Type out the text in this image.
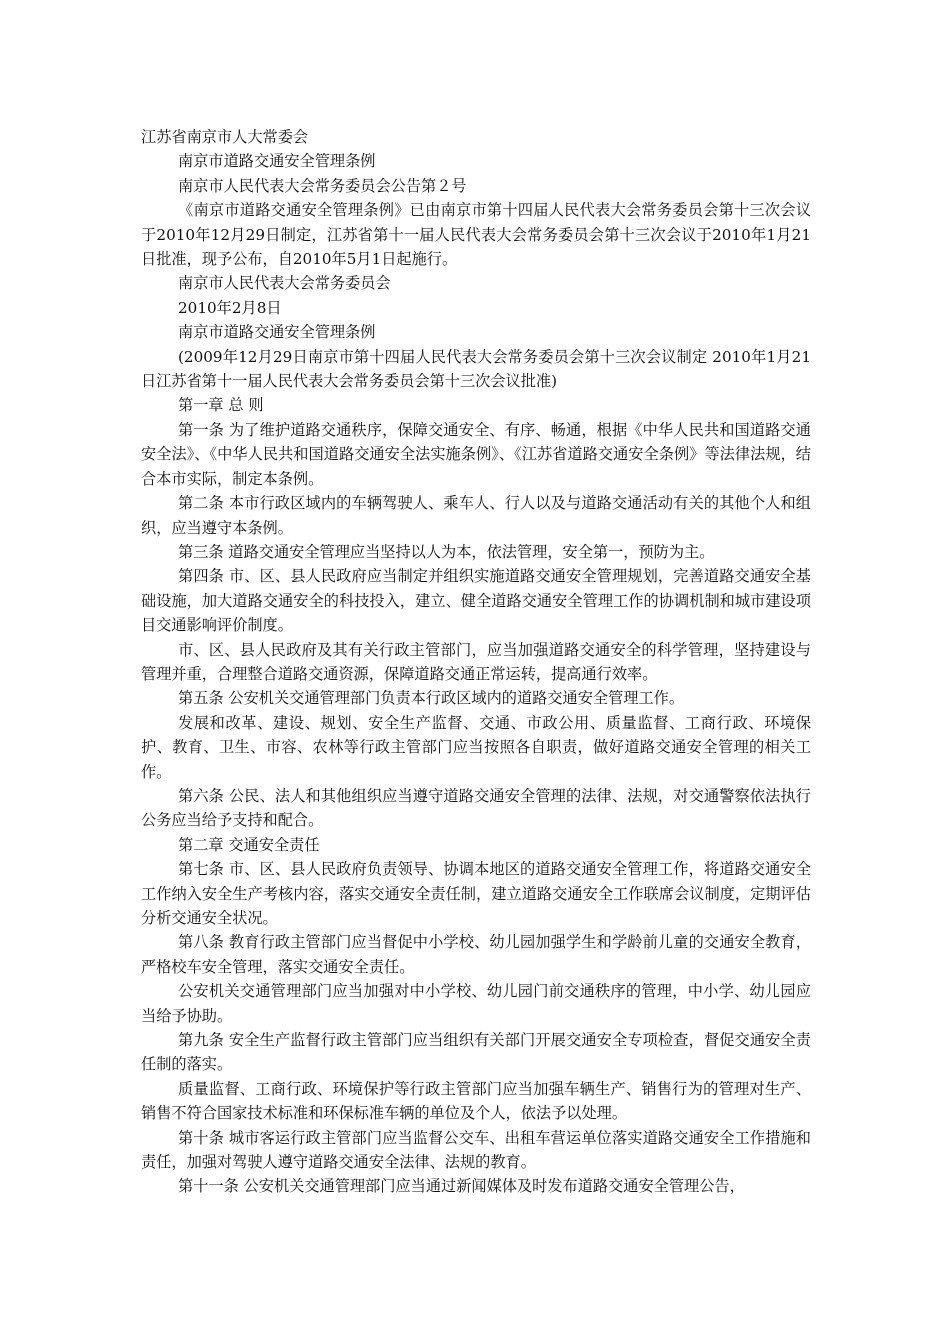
江苏省南京市人大常委会

南京市道路交通安全管理条例

南京市人民代表大会常务委员会公告第２号

《南京市道路交通安全管理条例》已由南京市第十四届人民代表大会常务委员会第十三次会议于2010年12月29日制定，江苏省第十一届人民代表大会常务委员会第十三次会议于2010年1月21日批准，现予公布，自2010年5月1日起施行。

南京市人民代表大会常务委员会

2010年2月8日

南京市道路交通安全管理条例

(2009年12月29日南京市第十四届人民代表大会常务委员会第十三次会议制定 2010年1月21日江苏省第十一届人民代表大会常务委员会第十三次会议批准)

第一章 总 则

第一条 为了维护道路交通秩序，保障交通安全、有序、畅通，根据《中华人民共和国道路交通安全法》、《中华人民共和国道路交通安全法实施条例》、《江苏省道路交通安全条例》等法律法规，结合本市实际，制定本条例。

第二条 本市行政区域内的车辆驾驶人、乘车人、行人以及与道路交通活动有关的其他个人和组织，应当遵守本条例。

第三条 道路交通安全管理应当坚持以人为本，依法管理，安全第一，预防为主。

第四条 市、区、县人民政府应当制定并组织实施道路交通安全管理规划，完善道路交通安全基础设施，加大道路交通安全的科技投入，建立、健全道路交通安全管理工作的协调机制和城市建设项目交通影响评价制度。

市、区、县人民政府及其有关行政主管部门，应当加强道路交通安全的科学管理，坚持建设与管理并重，合理整合道路交通资源，保障道路交通正常运转，提高通行效率。

第五条 公安机关交通管理部门负责本行政区域内的道路交通安全管理工作。

发展和改革、建设、规划、安全生产监督、交通、市政公用、质量监督、工商行政、环境保护、教育、卫生、市容、农林等行政主管部门应当按照各自职责，做好道路交通安全管理的相关工作。

第六条 公民、法人和其他组织应当遵守道路交通安全管理的法律、法规，对交通警察依法执行公务应当给予支持和配合。

第二章 交通安全责任

第七条 市、区、县人民政府负责领导、协调本地区的道路交通安全管理工作，将道路交通安全工作纳入安全生产考核内容，落实交通安全责任制，建立道路交通安全工作联席会议制度，定期评估分析交通安全状况。

第八条 教育行政主管部门应当督促中小学校、幼儿园加强学生和学龄前儿童的交通安全教育，严格校车安全管理，落实交通安全责任。

公安机关交通管理部门应当加强对中小学校、幼儿园门前交通秩序的管理，中小学、幼儿园应当给予协助。

第九条 安全生产监督行政主管部门应当组织有关部门开展交通安全专项检查，督促交通安全责任制的落实。

质量监督、工商行政、环境保护等行政主管部门应当加强车辆生产、销售行为的管理对生产、销售不符合国家技术标准和环保标准车辆的单位及个人，依法予以处理。

第十条 城市客运行政主管部门应当监督公交车、出租车营运单位落实道路交通安全工作措施和责任，加强对驾驶人遵守道路交通安全法律、法规的教育。

第十一条 公安机关交通管理部门应当通过新闻媒体及时发布道路交通安全管理公告，
